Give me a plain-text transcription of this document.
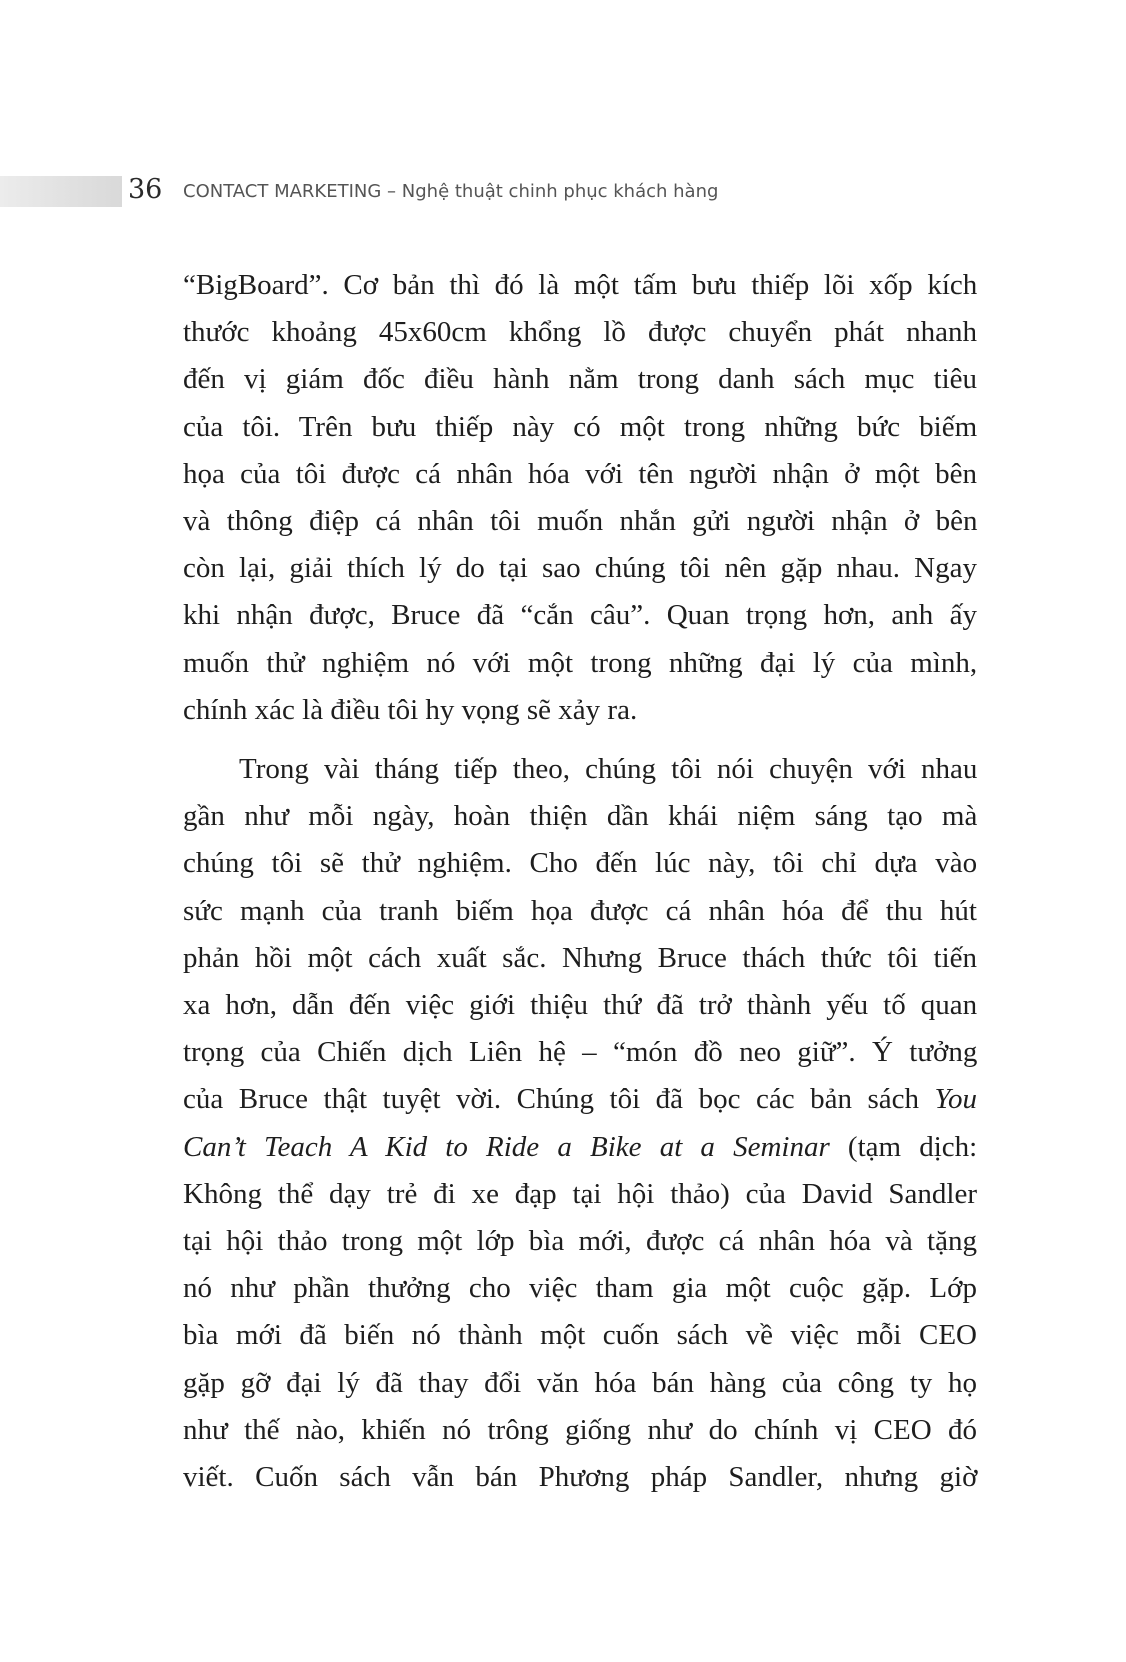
36 CONTACT MARKETING – Nghệ thuật chinh phục khách hàng
“BigBoard”. Cơ bản thì đó là một tấm bưu thiếp lõi xốp kích
thước khoảng 45x60cm khổng lồ được chuyển phát nhanh
đến vị giám đốc điều hành nằm trong danh sách mục tiêu
của tôi. Trên bưu thiếp này có một trong những bức biếm
họa của tôi được cá nhân hóa với tên người nhận ở một bên
và thông điệp cá nhân tôi muốn nhắn gửi người nhận ở bên
còn lại, giải thích lý do tại sao chúng tôi nên gặp nhau. Ngay
khi nhận được, Bruce đã “cắn câu”. Quan trọng hơn, anh ấy
muốn thử nghiệm nó với một trong những đại lý của mình,
chính xác là điều tôi hy vọng sẽ xảy ra.
Trong vài tháng tiếp theo, chúng tôi nói chuyện với nhau
gần như mỗi ngày, hoàn thiện dần khái niệm sáng tạo mà
chúng tôi sẽ thử nghiệm. Cho đến lúc này, tôi chỉ dựa vào
sức mạnh của tranh biếm họa được cá nhân hóa để thu hút
phản hồi một cách xuất sắc. Nhưng Bruce thách thức tôi tiến
xa hơn, dẫn đến việc giới thiệu thứ đã trở thành yếu tố quan
trọng của Chiến dịch Liên hệ – “món đồ neo giữ”. Ý tưởng
của Bruce thật tuyệt vời. Chúng tôi đã bọc các bản sách You
Can’t Teach A Kid to Ride a Bike at a Seminar (tạm dịch:
Không thể dạy trẻ đi xe đạp tại hội thảo) của David Sandler
tại hội thảo trong một lớp bìa mới, được cá nhân hóa và tặng
nó như phần thưởng cho việc tham gia một cuộc gặp. Lớp
bìa mới đã biến nó thành một cuốn sách về việc mỗi CEO
gặp gỡ đại lý đã thay đổi văn hóa bán hàng của công ty họ
như thế nào, khiến nó trông giống như do chính vị CEO đó
viết. Cuốn sách vẫn bán Phương pháp Sandler, nhưng giờ
